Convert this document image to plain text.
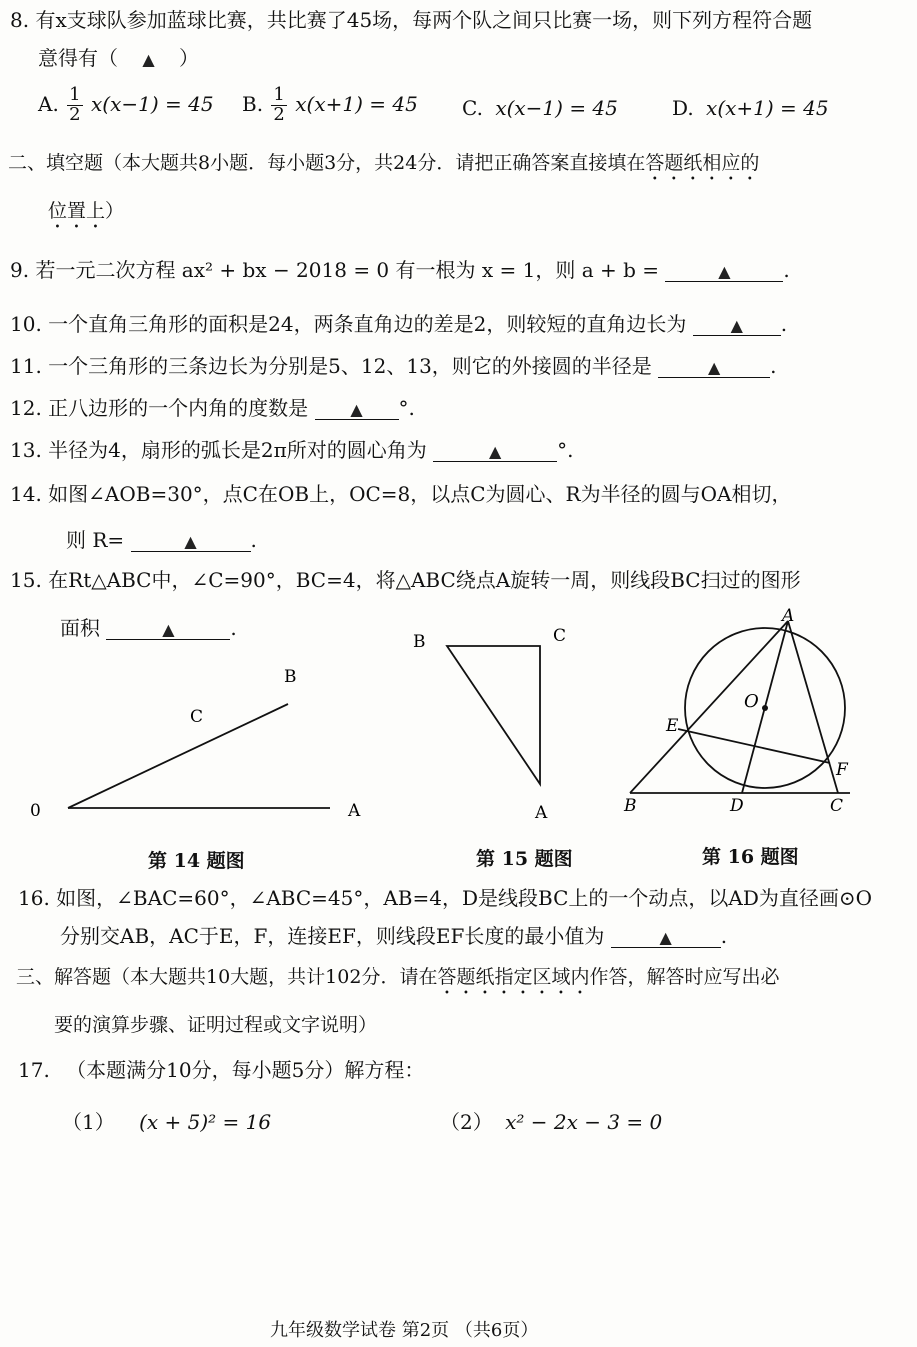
8. 有x支球队参加蓝球比赛，共比赛了45场，每两个队之间只比赛一场，则下列方程符合题
意得有（ ▲ ）
A. $\frac{1}{2} x(x-1) = 45$ B. $\frac{1}{2} x(x+1) = 45$ C. x(x−1) = 45	D. x(x+1) = 45
二、填空题（本大题共8小题．每小题3分，共24分．请把正确答案直接填在答题纸相应的
位置上）
9. 若一元二次方程 ax² + bx − 2018 = 0 有一根为 x = 1，则 a + b =	▲	.
10. 一个直角三角形的面积是24，两条直角边的差是2，则较短的直角边长为	▲ .
11. 一个三角形的三条边长为分别是5、12、13，则它的外接圆的半径是	▲ .
12. 正八边形的一个内角的度数是	▲ °.
13. 半径为4，扇形的弧长是2π所对的圆心角为	▲	°.
14. 如图∠AOB=30°，点C在OB上，OC=8，以点C为圆心、R为半径的圆与OA相切，
则 R=	▲	.
15. 在Rt△ABC中，∠C=90°，BC=4，将△ABC绕点A旋转一周，则线段BC扫过的图形
面积	▲	.
0	A
B
C
第 14 题图
B	C
A
第 15 题图
A
O
E
F
B	D	C
第 16 题图
16. 如图，∠BAC=60°，∠ABC=45°，AB=4，D是线段BC上的一个动点，以AD为直径画⊙O
分别交AB，AC于E，F，连接EF，则线段EF长度的最小值为	▲ .
三、解答题（本大题共10大题，共计102分．请在答题纸指定区域内作答，解答时应写出必
要的演算步骤、证明过程或文字说明）
17. （本题满分10分，每小题5分）解方程：
（1） (x + 5)² = 16	（2） x² − 2x − 3 = 0
九年级数学试卷 第2页 （共6页）
